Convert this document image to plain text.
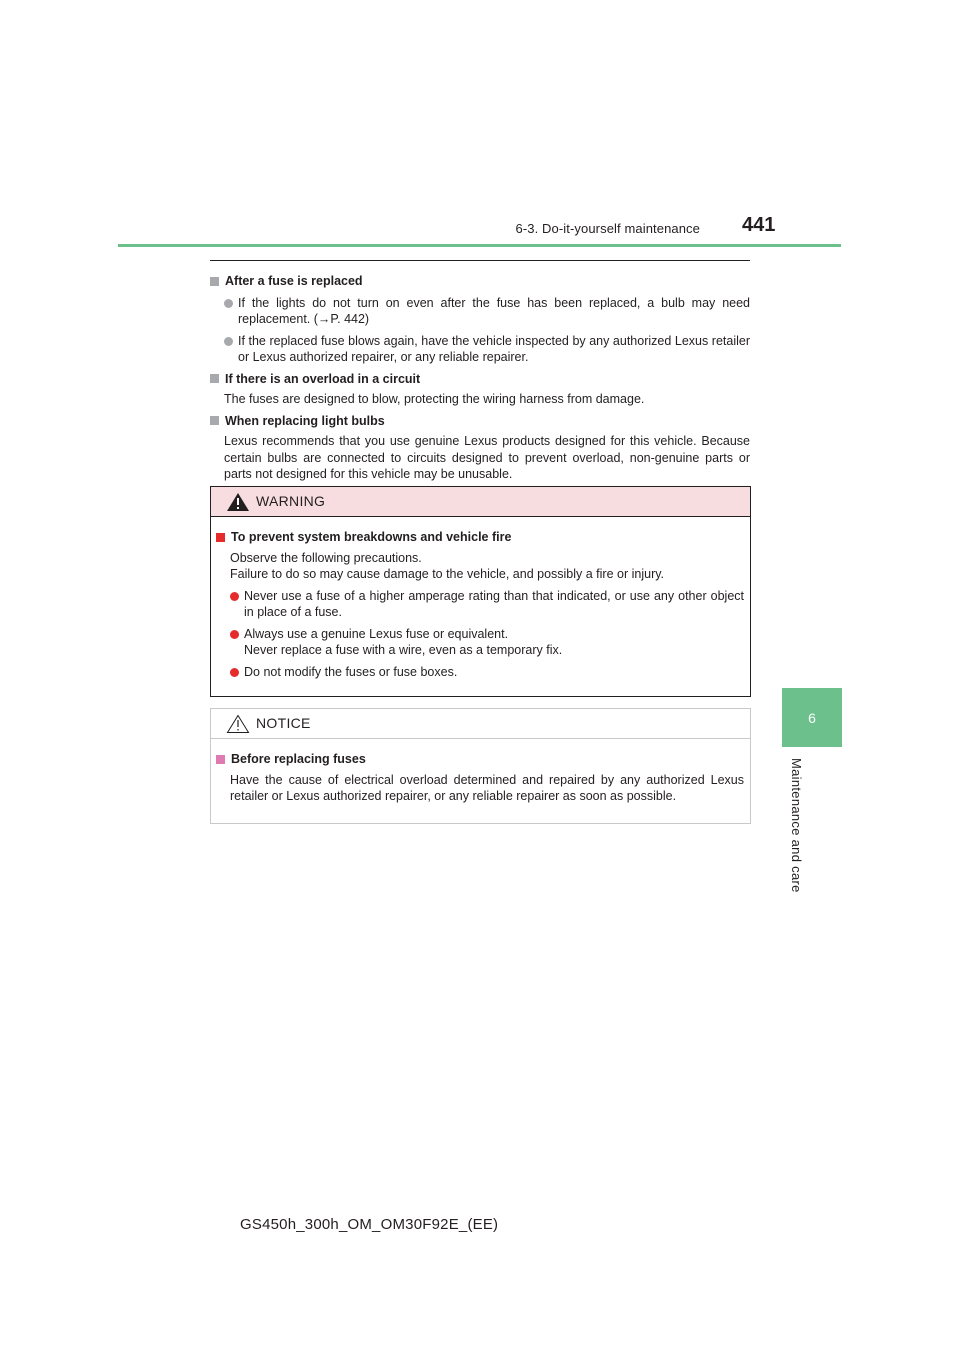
6-3. Do-it-yourself maintenance 441
6
Maintenance and care
After a fuse is replaced
If the lights do not turn on even after the fuse has been replaced, a bulb may need replacement. (→P. 442)
If the replaced fuse blows again, have the vehicle inspected by any authorized Lexus retailer or Lexus authorized repairer, or any reliable repairer.
If there is an overload in a circuit
The fuses are designed to blow, protecting the wiring harness from damage.
When replacing light bulbs
Lexus recommends that you use genuine Lexus products designed for this vehicle. Because certain bulbs are connected to circuits designed to prevent overload, non-genuine parts or parts not designed for this vehicle may be unusable.
WARNING
To prevent system breakdowns and vehicle fire
Observe the following precautions.
Failure to do so may cause damage to the vehicle, and possibly a fire or injury.
Never use a fuse of a higher amperage rating than that indicated, or use any other object in place of a fuse.
Always use a genuine Lexus fuse or equivalent.
Never replace a fuse with a wire, even as a temporary fix.
Do not modify the fuses or fuse boxes.
NOTICE
Before replacing fuses
Have the cause of electrical overload determined and repaired by any authorized Lexus retailer or Lexus authorized repairer, or any reliable repairer as soon as possible.
GS450h_300h_OM_OM30F92E_(EE)
